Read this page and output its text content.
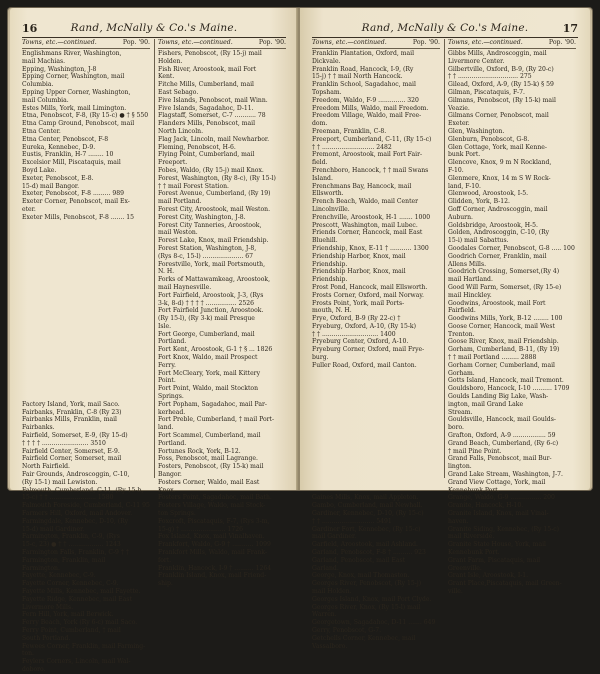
16	Rand, McNally & Co.'s Maine.
Towns, etc.—continued.	Pop. '90.
Englishmans River, Washington,
mail Machias.
Epping, Washington, J-8
Epping Corner, Washington, mail
Columbia.
Epping Upper Corner, Washington,
mail Columbia.
Estes Mills, York, mail Limington.
Etna, Penobscot, F-8, (Ry 15-c) ● † § 550
Etna Camp Ground, Penobscot, mail
Etna Center.
Etna Center, Penobscot, F-8
Eureka, Kennebec, D-9.
Eustis, Franklin, H-7 ........ 10
Excelsior Mill, Piscataquis, mail
Boyd Lake.
Exeter, Penobscot, E-8.
15-d) mail Bangor.
Exeter, Penobscot, F-8 ......... 989
Exeter Corner, Penobscot, mail Ex-
eter.
Exeter Mills, Penobscot, F-8 ....... 15
Factory Island, York, mail Saco.
Fairbanks, Franklin, C-8 (Ry 23)
Fairbanks Mills, Franklin, mail
Fairbanks.
Fairfield, Somerset, E-9, (Ry 15-d)
† † † † ........................ 3510
Fairfield Center, Somerset, E-9.
Fairfield Corner, Somerset, mail
North Fairfield.
Fair Grounds, Androscoggin, C-10,
(Ry 15-1) mail Lewiston.
Falmouth, Cumberland, C-11, (Ry 15-b,
15-c) † † ........................ 1580
Falmouth Foreside, Cumberland, C-11 95
Farmers Hill, Oxford, mail Andover.
Farmingdale, Kennebec, D-10, (Ry
15-d) mail Gardiner.
Farmington, Franklin, C-9, (Rys
15-c, 23) ● † † .................. 1243
Farmington Falls, Franklin, C-9 † †
Farmington, Franklin, mail
Farmington.
Fayette, Kennebec, C-9.
Fayette Corner, Kennebec, C-9.
Fayette Mills, Kennebec, mail Fayette.
Fayette Ridge, Kennebec, mail East
Livermore Mills.
Fern Hill, York, mail Berwick.
Ferry Beach, York (Ry 6-c) mail Saco.
Ferry Point, Cumberland, † mail
South Portland.
Fewees Corner, Franklin, mail Farming-
ton.
Feylers Corners, Lincoln, mail Wal-
doboro.
Towns, etc.—continued.	Pop. '90.
Fishers, Penobscot, (Ry 15-j) mail
Holden.
Fish River, Aroostook, mail Fort
Kent.
Fitche Mills, Cumberland, mail
East Sebago.
Five Islands, Penobscot, mail Winn.
Five Islands, Sagadahoc, D-11.
Flagstaff, Somerset, C-7 ........... 78
Flanders Mills, Penobscot, mail
North Lincoln.
Flag Jack, Lincoln, mail Newharbor.
Fleming, Penobscot, H-6.
Flying Point, Cumberland, mail
Freeport.
Fobes, Waldo, (Ry 15-j) mail Knox.
Forest, Washington, (Ry 8-c), (Ry 15-l)
† † mail Forest Station.
Forest Avenue, Cumberland, (Ry 19)
mail Portland.
Forest City, Aroostook, mail Weston.
Forest City, Washington, J-8.
Forest City Tanneries, Aroostook,
mail Weston.
Forest Lake, Knox, mail Friendship.
Forest Station, Washington, J-8,
(Rys 8-c, 15-l) ..................... 67
Forestville, York, mail Portsmouth,
N. H.
Forks of Mattawamkeag, Aroostook,
mail Haynesville.
Fort Fairfield, Aroostook, J-3, (Rys
3-k, 8-d) † † † † ................ 2526
Fort Fairfield Junction, Aroostook.
(Ry 15-l), (Ry 3-k) mail Presque
Isle.
Fort George, Cumberland, mail
Portland.
Fort Kent, Aroostook, G-1 † § ... 1826
Fort Knox, Waldo, mail Prospect
Ferry.
Fort McCleary, York, mail Kittery
Point.
Fort Point, Waldo, mail Stockton
Springs.
Fort Popham, Sagadahoc, mail Par-
kerhead.
Fort Preble, Cumberland, † mail Port-
land.
Fort Scammel, Cumberland, mail
Portland.
Fortunes Rock, York, B-12.
Foss, Penobscot, mail Lagrange.
Fosters, Penobscot, (Ry 15-k) mail
Bangor.
Fosters Corner, Waldo, mail East
Knox.
Fosters Point, Sagadahoc, mail Bath.
Fosters Village, Waldo, mail Stock-
ton Springs.
Foxcroft, Piscataquis, F-7, (Rys 3-m,
15-g) † ....................... 1726
Fox Island, Knox, mail Vinalhaven.
Frankfort, Waldo, G-9 † ........... 1099
Frankfort Mills, Waldo, mail Frank-
fort.
Franklin, Hancock, I-9 † .......... 1264
Franklin Island, Knox, mail Friend-
ship.
Rand, McNally & Co.'s Maine.	17
Towns, etc.—continued.	Pop. '90.
Franklin Plantation, Oxford, mail
Dickvale.
Franklin Road, Hancock, I-9, (Ry
15-j) † † mail North Hancock.
Franklin School, Sagadahoc, mail
Topsham.
Freedom, Waldo, F-9 .............. 320
Freedom Mills, Waldo, mail Freedom.
Freedom Village, Waldo, mail Free-
dom.
Freeman, Franklin, C-8.
Freeport, Cumberland, C-11, (Ry 15-c)
† † ........................... 2482
Fremont, Aroostook, mail Fort Fair-
field.
Frenchboro, Hancock, † † mail Swans
Island.
Frenchmans Bay, Hancock, mail
Ellsworth.
French Beach, Waldo, mail Center
Lincolnville.
Frenchville, Aroostook, H-1 ....... 1000
Prescott, Washington, mail Lubec.
Friends Corner, Hancock, mail East
Bluehill.
Friendship, Knox, E-11 † ........... 1300
Friendship Harbor, Knox, mail
Friendship.
Friendship Harbor, Knox, mail
Friendship.
Frost Pond, Hancock, mail Ellsworth.
Frosts Corner, Oxford, mail Norway.
Frosts Point, York, mail Ports-
mouth, N. H.
Frye, Oxford, B-9 (Ry 22-c) †
Fryeburg, Oxford, A-10, (Ry 15-k)
† † ............................. 1400
Fryeburg Center, Oxford, A-10.
Fryeburg Corner, Oxford, mail Frye-
burg.
Fuller Road, Oxford, mail Canton.
Gaines Mills, Knox, mail Appleton.
Gambo, Cumberland, mail Newhall.
Gardiner, Kennebec, D-10, (Ry 15-c)
† † ........................... 5491
Gardiner Fort, Kennebec, (Ry 15-c)
mail Gardiner.
Garfield, Aroostook, mail Ashland.
Garland, Penobscot, F-8 † .......... 923
Garland, Penobscot, mail East
Garland.
George, Knox, mail Thomaston.
Georges River, Penobscot, (Ry 15-j)
mail Holden.
Georges Island, Knox, mail Port Clyde.
Georges River, Knox, (Ry 15-l) mail
Warren.
Georgetown, Sagadahoc, D-11 ....... 649
Gerry, Penobscot, G-7.
Getchells Corner, Kennebec, mail
Vassalboro.
Towns, etc.—continued.	Pop. '90.
Gibbs Mills, Androscoggin, mail
Livermore Center.
Gilbertville, Oxford, B-9, (Ry 20-c)
† † ............................... 275
Gilead, Oxford, A-9, (Ry 15-k) § 59
Gilman, Piscataquis, F-7.
Gilmans, Penobscot, (Ry 15-k) mail
Veazie.
Gilmans Corner, Penobscot, mail
Exeter.
Glen, Washington.
Glenburn, Penobscot, G-8.
Glen Cottage, York, mail Kenne-
bunk Port.
Glencove, Knox, 9 m N Rockland,
F-10.
Glenmere, Knox, 14 m S W Rock-
land, F-10.
Glenwood, Aroostook, I-5.
Glidden, York, B-12.
Goff Corner, Androscoggin, mail
Auburn.
Goldsbridge, Aroostook, H-5.
Golden, Androscoggin, C-10, (Ry
15-i) mail Sabattus.
Goodales Corner, Penobscot, G-8 ..... 100
Goodrich Corner, Franklin, mail
Allens Mills.
Goodrich Crossing, Somerset,(Ry 4)
mail Hartland.
Good Will Farm, Somerset, (Ry 15-e)
mail Hinckley.
Goodwins, Aroostook, mail Fort
Fairfield.
Goodwins Mills, York, B-12 ........ 100
Goose Corner, Hancock, mail West
Trenton.
Goose River, Knox, mail Friendship.
Gorham, Cumberland, B-11, (Ry 19)
† † mail Portland ......... 2888
Gorham Corner, Cumberland, mail
Gorham.
Gotts Island, Hancock, mail Tremont.
Gouldsboro, Hancock, I-10 .......... 1709
Goulds Landing Big Lake, Wash-
ington, mail Grand Lake
Stream.
Gouldsville, Hancock, mail Goulds-
boro.
Grafton, Oxford, A-9 ................. 59
Grand Beach, Cumberland, (Ry 6-c)
† mail Pine Point.
Grand Falls, Penobscot, mail Bur-
lington.
Grand Lake Stream, Washington, J-7.
Grand View Cottage, York, mail
Kennebunk Port.
Grange, Waldo, G-9 ................ 200
Granite, Hancock, H-10.
Granite Island, Knox, mail Vinal-
haven.
Granite Siding, Kennebec, (Ry 15-c)
mail Riverside.
Granite State House, York, mail
Kennebunk Port.
Grant Farm, Piscataquis, mail
Greenville.
Grant Isle, Aroostook, I-1.
Grant Place,Piscataquis, mail Green-
ville.
